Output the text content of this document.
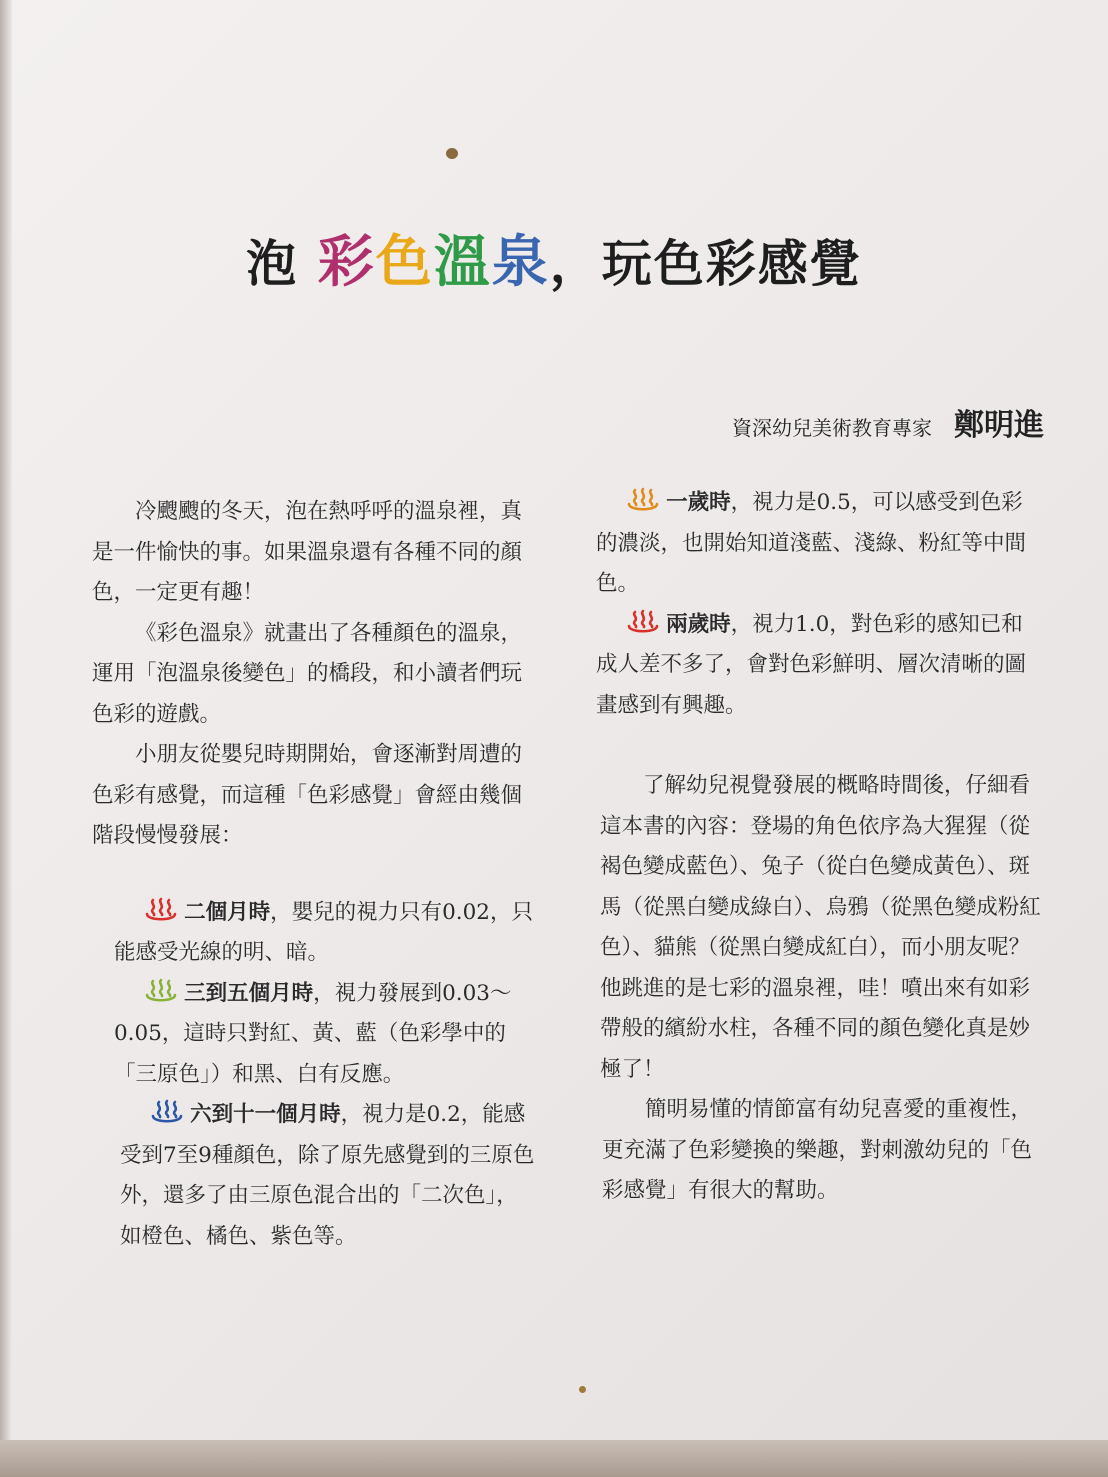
泡 彩色溫泉，玩色彩感覺
資深幼兒美術教育專家 鄭明進

冷颼颼的冬天，泡在熱呼呼的溫泉裡，真是一件愉快的事。如果溫泉還有各種不同的顏色，一定更有趣！

《彩色溫泉》就畫出了各種顏色的溫泉，運用「泡溫泉後變色」的橋段，和小讀者們玩色彩的遊戲。

小朋友從嬰兒時期開始，會逐漸對周遭的色彩有感覺，而這種「色彩感覺」會經由幾個階段慢慢發展：

二個月時，嬰兒的視力只有0.02，只能感受光線的明、暗。

三到五個月時，視力發展到0.03～0.05，這時只對紅、黃、藍（色彩學中的「三原色」）和黑、白有反應。

六到十一個月時，視力是0.2，能感受到7至9種顏色，除了原先感覺到的三原色外，還多了由三原色混合出的「二次色」，如橙色、橘色、紫色等。

一歲時，視力是0.5，可以感受到色彩的濃淡，也開始知道淺藍、淺綠、粉紅等中間色。

兩歲時，視力1.0，對色彩的感知已和成人差不多了，會對色彩鮮明、層次清晰的圖畫感到有興趣。

了解幼兒視覺發展的概略時間後，仔細看這本書的內容：登場的角色依序為大猩猩（從褐色變成藍色）、兔子（從白色變成黃色）、斑馬（從黑白變成綠白）、烏鴉（從黑色變成粉紅色）、貓熊（從黑白變成紅白），而小朋友呢？他跳進的是七彩的溫泉裡，哇！噴出來有如彩帶般的繽紛水柱，各種不同的顏色變化真是妙極了！

簡明易懂的情節富有幼兒喜愛的重複性，更充滿了色彩變換的樂趣，對刺激幼兒的「色彩感覺」有很大的幫助。
